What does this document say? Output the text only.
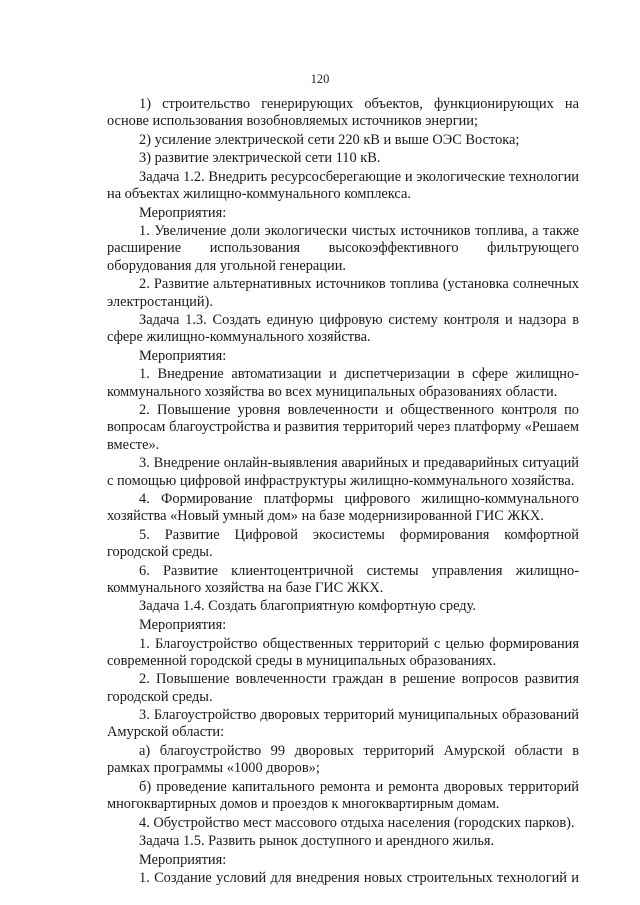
120

1) строительство генерирующих объектов, функционирующих на основе использования возобновляемых источников энергии;

2) усиление электрической сети 220 кВ и выше ОЭС Востока;

3) развитие электрической сети 110 кВ.

Задача 1.2. Внедрить ресурсосберегающие и экологические технологии на объектах жилищно-коммунального комплекса.

Мероприятия:

1. Увеличение доли экологически чистых источников топлива, а также расширение использования высокоэффективного фильтрующего оборудования для угольной генерации.

2. Развитие альтернативных источников топлива (установка солнечных электростанций).

Задача 1.3. Создать единую цифровую систему контроля и надзора в сфере жилищно-коммунального хозяйства.

Мероприятия:

1. Внедрение автоматизации и диспетчеризации в сфере жилищно-коммунального хозяйства во всех муниципальных образованиях области.

2. Повышение уровня вовлеченности и общественного контроля по вопросам благоустройства и развития территорий через платформу «Решаем вместе».

3. Внедрение онлайн-выявления аварийных и предаварийных ситуаций с помощью цифровой инфраструктуры жилищно-коммунального хозяйства.

4. Формирование платформы цифрового жилищно-коммунального хозяйства «Новый умный дом» на базе модернизированной ГИС ЖКХ.

5. Развитие Цифровой экосистемы формирования комфортной городской среды.

6. Развитие клиентоцентричной системы управления жилищно-коммунального хозяйства на базе ГИС ЖКХ.

Задача 1.4. Создать благоприятную комфортную среду.

Мероприятия:

1. Благоустройство общественных территорий с целью формирования современной городской среды в муниципальных образованиях.

2. Повышение вовлеченности граждан в решение вопросов развития городской среды.

3. Благоустройство дворовых территорий муниципальных образований Амурской области:

а) благоустройство 99 дворовых территорий Амурской области в рамках программы «1000 дворов»;

б) проведение капитального ремонта и ремонта дворовых территорий многоквартирных домов и проездов к многоквартирным домам.

4. Обустройство мест массового отдыха населения (городских парков).

Задача 1.5. Развить рынок доступного и арендного жилья.

Мероприятия:

1. Создание условий для внедрения новых строительных технологий и
